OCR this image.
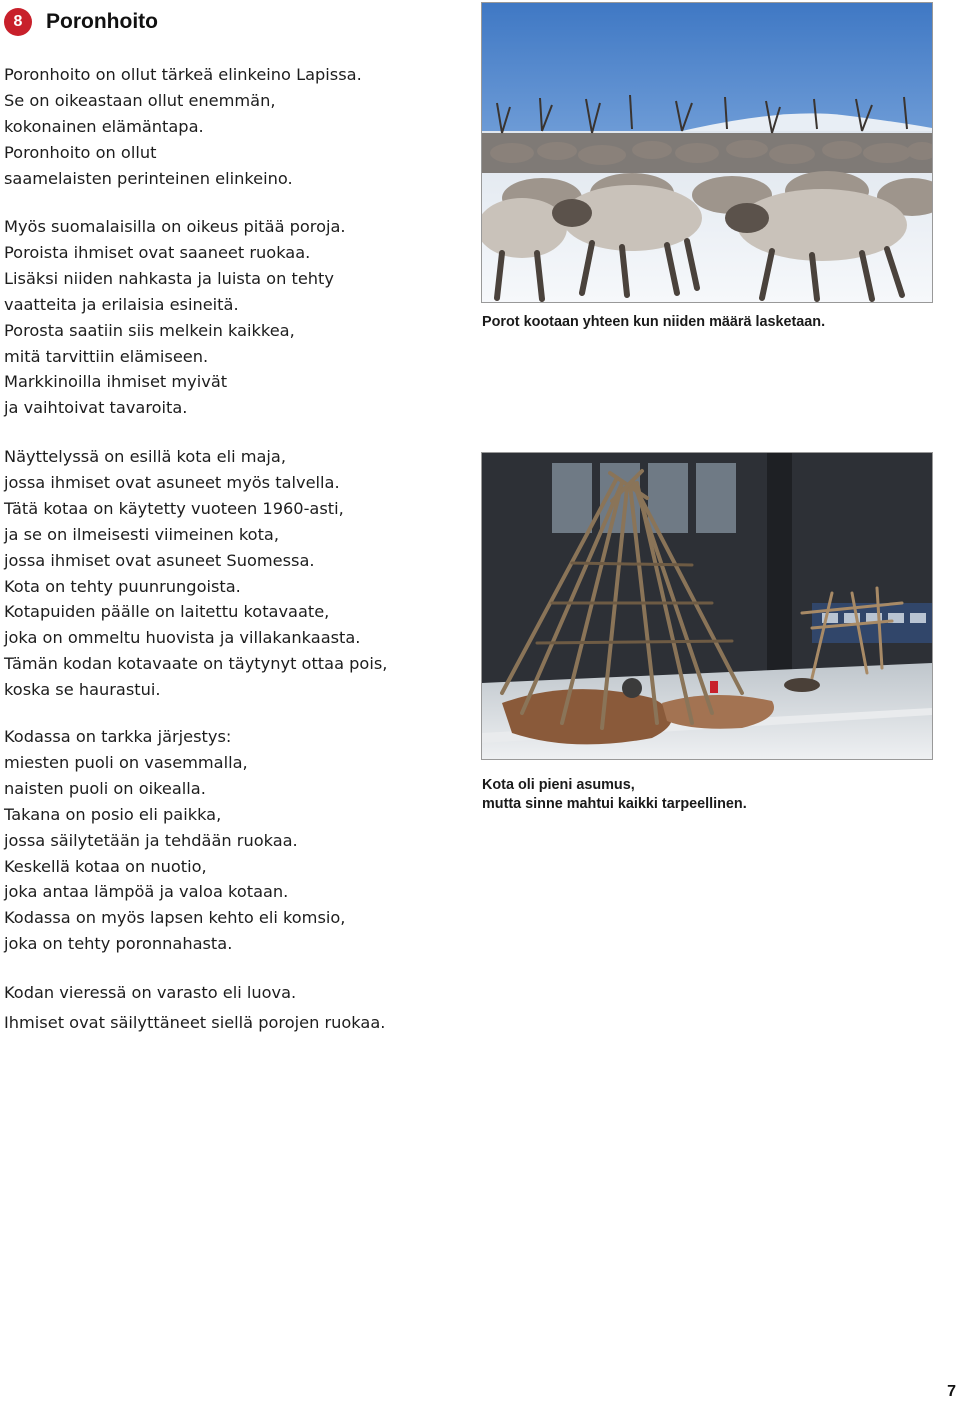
8	Poronhoito
Poronhoito on ollut tärkeä elinkeino Lapissa.
Se on oikeastaan ollut enemmän,
kokonainen elämäntapa.
Poronhoito on ollut
saamelaisten perinteinen elinkeino.
Myös suomalaisilla on oikeus pitää poroja.
Poroista ihmiset ovat saaneet ruokaa.
Lisäksi niiden nahkasta ja luista on tehty
vaatteita ja erilaisia esineitä.
Porosta saatiin siis melkein kaikkea,
mitä tarvittiin elämiseen.
Markkinoilla ihmiset myivät
ja vaihtoivat tavaroita.
Näyttelyssä on esillä kota eli maja,
jossa ihmiset ovat asuneet myös talvella.
Tätä kotaa on käytetty vuoteen 1960-asti,
ja se on ilmeisesti viimeinen kota,
jossa ihmiset ovat asuneet Suomessa.
Kota on tehty puunrungoista.
Kotapuiden päälle on laitettu kotavaate,
joka on ommeltu huovista ja villakankaasta.
Tämän kodan kotavaate on täytynyt ottaa pois,
koska se haurastui.
Kodassa on tarkka järjestys:
miesten puoli on vasemmalla,
naisten puoli on oikealla.
Takana on posio eli paikka,
jossa säilytetään ja tehdään ruokaa.
Keskellä kotaa on nuotio,
joka antaa lämpöä ja valoa kotaan.
Kodassa on myös lapsen kehto eli komsio,
joka on tehty poronnahasta.
Kodan vieressä on varasto eli luova.
Ihmiset ovat säilyttäneet siellä porojen ruokaa.
Porot kootaan yhteen kun niiden määrä lasketaan.
Kota oli pieni asumus,
mutta sinne mahtui kaikki tarpeellinen.
7
